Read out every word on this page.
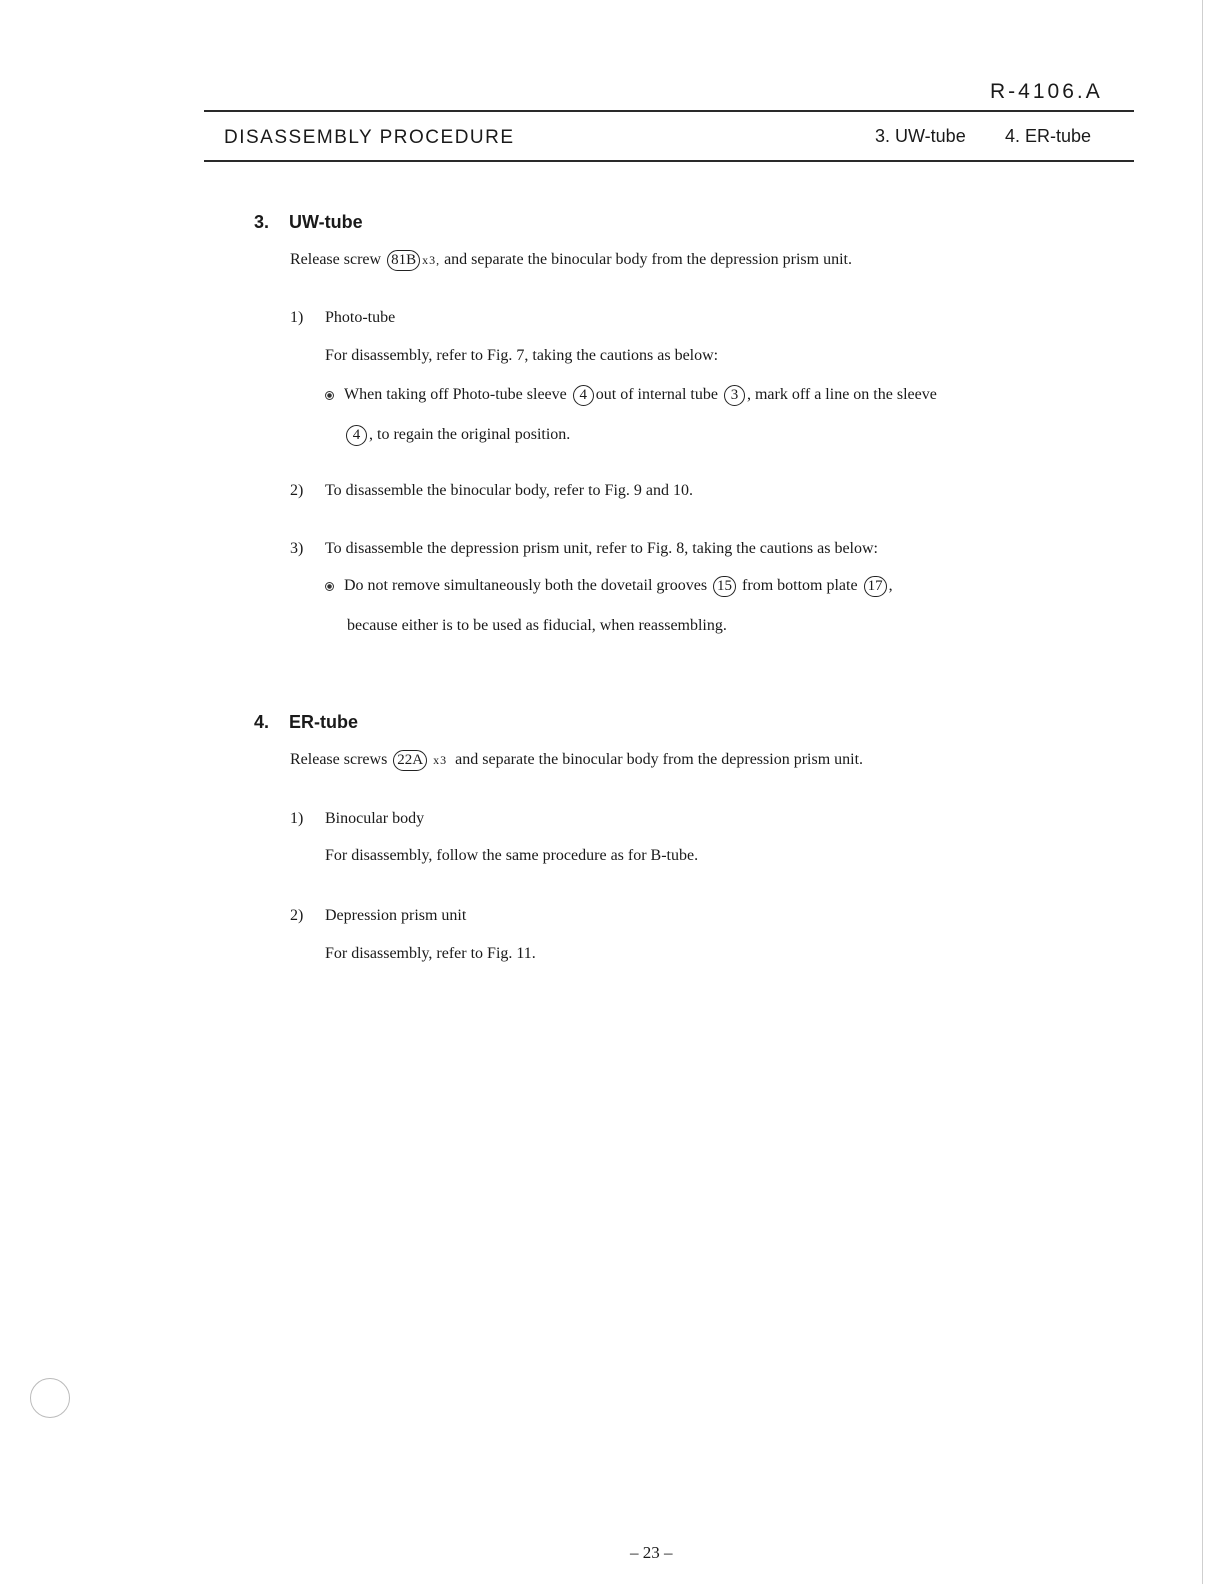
R-4106.A
DISASSEMBLY PROCEDURE	3. UW-tube 4. ER-tube
3. UW-tube
Release screw 81B x3, and separate the binocular body from the depression prism unit.
1) Photo-tube
For disassembly, refer to Fig. 7, taking the cautions as below:
When taking off Photo-tube sleeve 4 out of internal tube 3 , mark off a line on the sleeve
4 , to regain the original position.
2) To disassemble the binocular body, refer to Fig. 9 and 10.
3) To disassemble the depression prism unit, refer to Fig. 8, taking the cautions as below:
Do not remove simultaneously both the dovetail grooves 15 from bottom plate 17 ,
because either is to be used as fiducial, when reassembling.
4. ER-tube
Release screws 22A x3 and separate the binocular body from the depression prism unit.
1) Binocular body
For disassembly, follow the same procedure as for B-tube.
2) Depression prism unit
For disassembly, refer to Fig. 11.
– 23 –
